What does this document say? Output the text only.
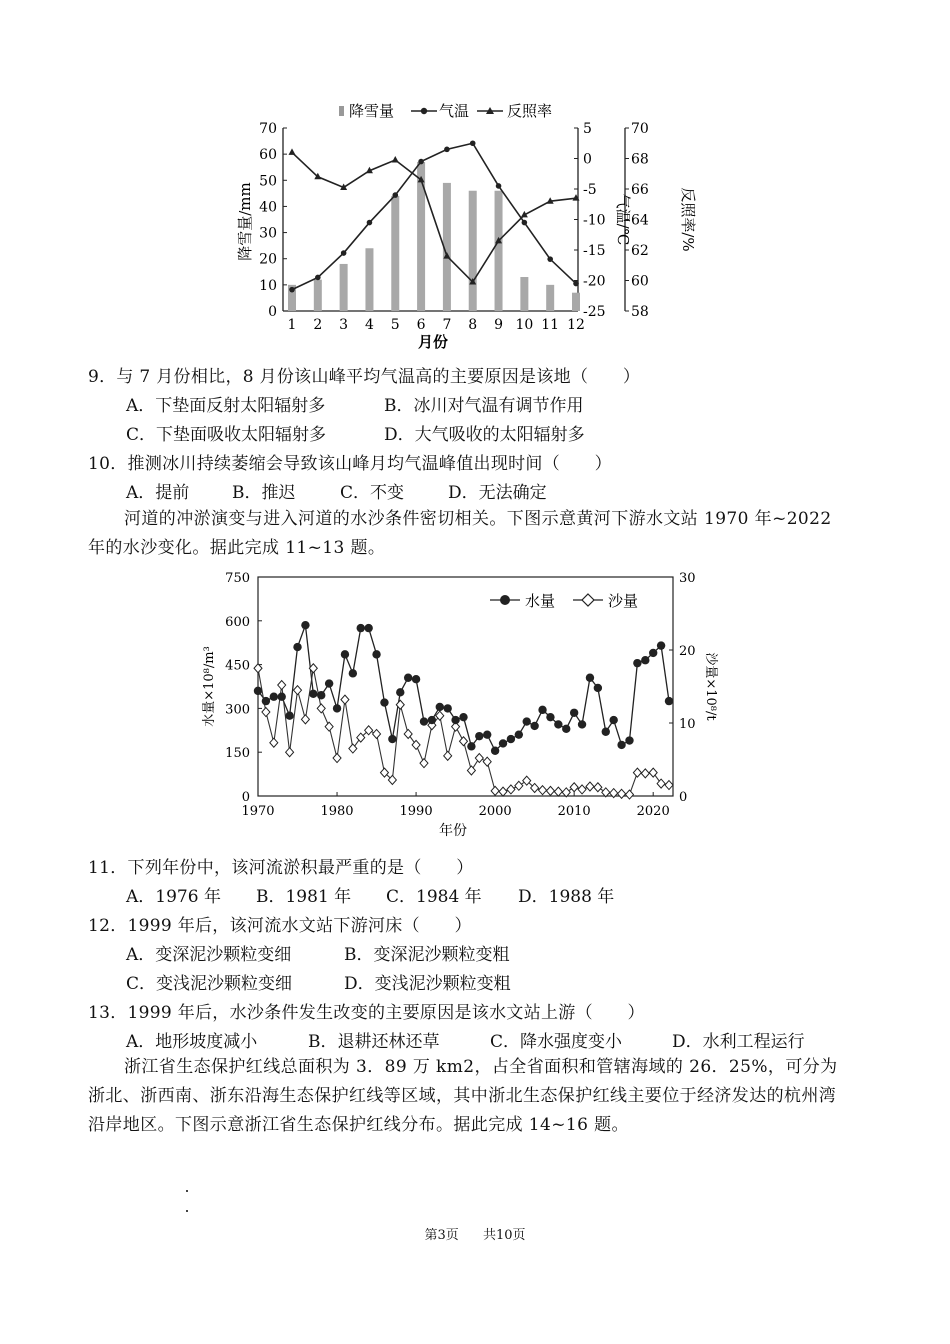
降雪量	气温	反照率
0
10
20
30
40
50
60
70
-25
-20
-15
-10
-5
0
5
58
60
62
64
66
68
70
1 2 3 4 5 6 7 8 9 10 11 12
降雪量/mm	气温/℃	反照率/%
月份
9．与 7 月份相比，8 月份该山峰平均气温高的主要原因是该地（　　）
A．下垫面反射太阳辐射多	B．冰川对气温有调节作用
C．下垫面吸收太阳辐射多	D．大气吸收的太阳辐射多
10．推测冰川持续萎缩会导致该山峰月均气温峰值出现时间（　　）
A．提前	B．推迟	C．不变	D．无法确定
河道的冲淤演变与进入河道的水沙条件密切相关。下图示意黄河下游水文站 1970 年~2022 年的水沙变化。据此完成 11~13 题。
0
150
300
450
600
750
0
10
20
30
1970	1980	1990	2000	2010	2020
水量	沙量
水量×10⁸/m³	沙量×10⁸/t
年份
11．下列年份中，该河流淤积最严重的是（　　）
A．1976 年 B．1981 年 C．1984 年 D．1988 年
12．1999 年后，该河流水文站下游河床（　　）
A．变深泥沙颗粒变细	B．变深泥沙颗粒变粗
C．变浅泥沙颗粒变细	D．变浅泥沙颗粒变粗
13．1999 年后，水沙条件发生改变的主要原因是该水文站上游（　　）
A．地形坡度减小	B．退耕还林还草	C．降水强度变小	D．水利工程运行
浙江省生态保护红线总面积为 3．89 万 km2，占全省面积和管辖海域的 26．25%，可分为浙北、浙西南、浙东沿海生态保护红线等区域，其中浙北生态保护红线主要位于经济发达的杭州湾沿岸地区。下图示意浙江省生态保护红线分布。据此完成 14~16 题。
第3页 共10页
